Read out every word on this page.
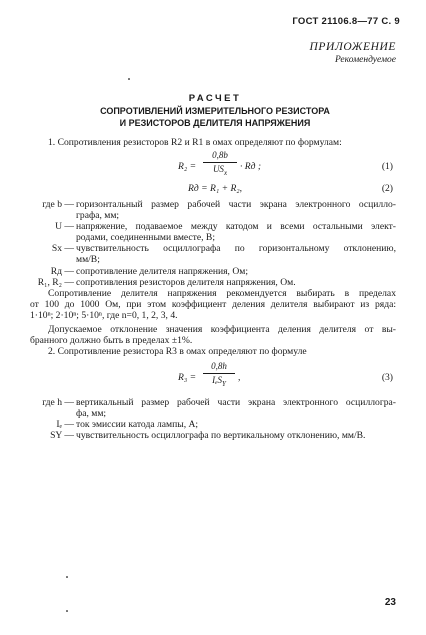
ГОСТ 21106.8—77 С. 9
ПРИЛОЖЕНИЕ
Рекомендуемое
РАСЧЕТ
СОПРОТИВЛЕНИЙ ИЗМЕРИТЕЛЬНОГО РЕЗИСТОРА
И РЕЗИСТОРОВ ДЕЛИТЕЛЯ НАПРЯЖЕНИЯ
1. Сопротивления резисторов R2 и R1 в омах определяют по формулам:
R₂ =
0,8b
$US_x$
· Rд ;	(1)
Rд = R₁ + R₂,	(2)
где b — горизонтальный размер рабочей части экрана электронного осцилло-
графа, мм;
U — напряжение, подаваемое между катодом и всеми остальными элект-
родами, соединенными вместе, В;
Sx — чувствительность осциллографа по горизонтальному отклонению,
мм/В;
Rд — сопротивление делителя напряжения, Ом;
R₁, R₂ — сопротивления резисторов делителя напряжения, Ом.
Сопротивление делителя напряжения рекомендуется выбирать в пределах
от 100 до 1000 Ом, при этом коэффициент деления делителя выбирают из ряда:
1·10ⁿ; 2·10ⁿ; 5·10ⁿ, где n=0, 1, 2, 3, 4.
Допускаемое отклонение значения коэффициента деления делителя от вы-
бранного должно быть в пределах ±1%.
2. Сопротивление резистора R3 в омах определяют по формуле
R₃ =
0,8h
IₑS$_Y$
,	(3)
где h — вертикальный размер рабочей части экрана электронного осциллогра-
фа, мм;
Iₑ — ток эмиссии катода лампы, А;
SY — чувствительность осциллографа по вертикальному отклонению, мм/В.
23
